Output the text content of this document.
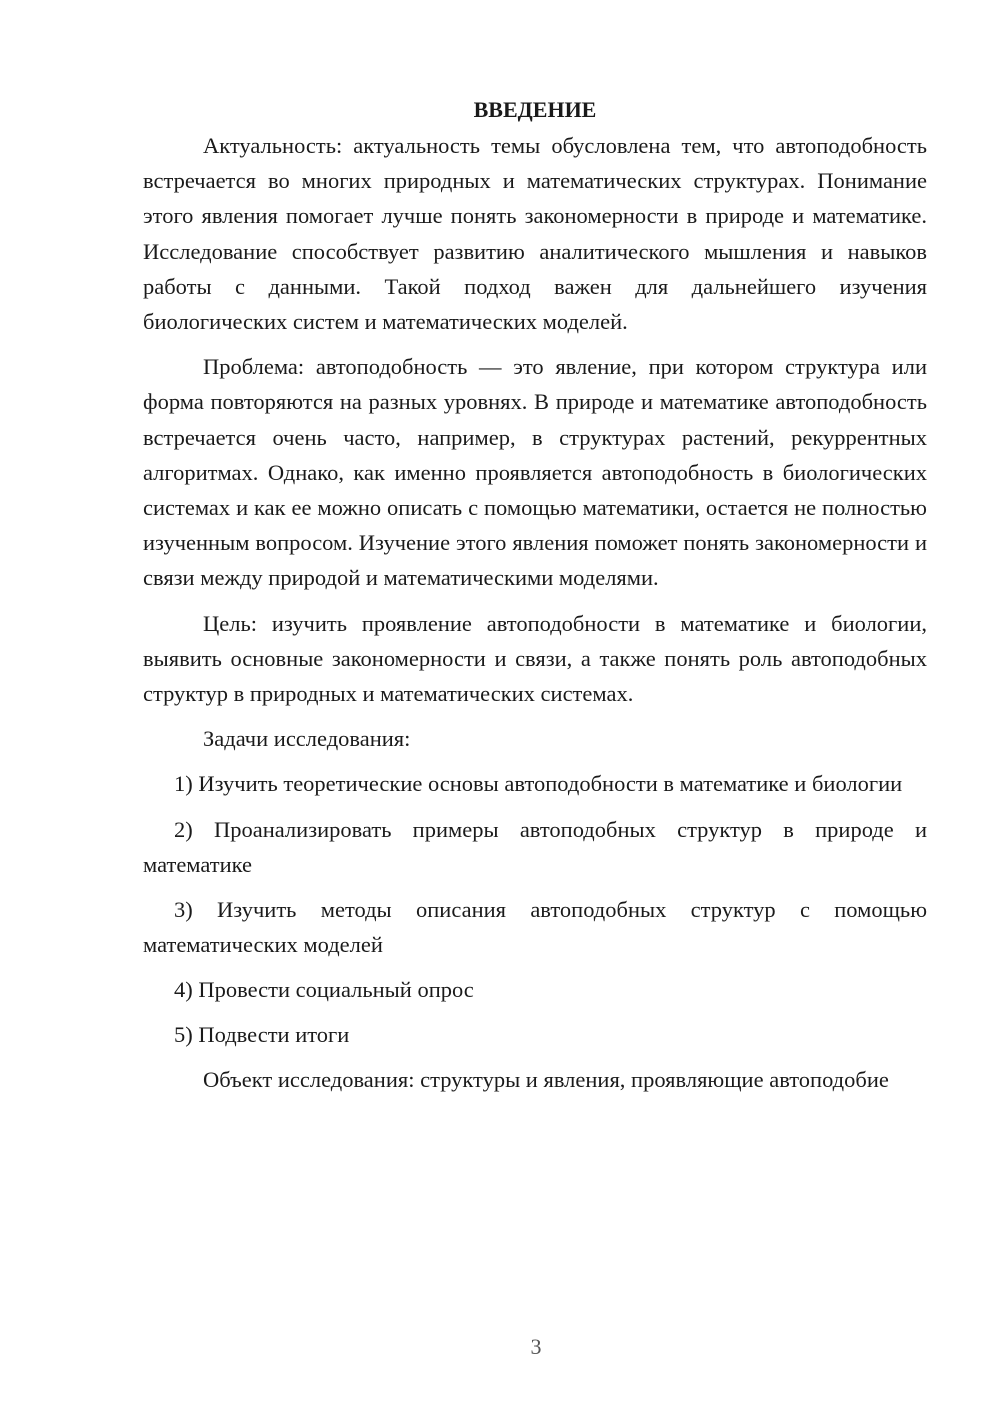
ВВЕДЕНИЕ

Актуальность: актуальность темы обусловлена тем, что автоподобность встречается во многих природных и математических структурах. Понимание этого явления помогает лучше понять закономерности в природе и математике. Исследование способствует развитию аналитического мышления и навыков работы с данными. Такой подход важен для дальнейшего изучения биологических систем и математических моделей.

Проблема: автоподобность — это явление, при котором структура или форма повторяются на разных уровнях. В природе и математике автоподобность встречается очень часто, например, в структурах растений, рекуррентных алгоритмах. Однако, как именно проявляется автоподобность в биологических системах и как ее можно описать с помощью математики, остается не полностью изученным вопросом. Изучение этого явления поможет понять закономерности и связи между природой и математическими моделями.

Цель: изучить проявление автоподобности в математике и биологии, выявить основные закономерности и связи, а также понять роль автоподобных структур в природных и математических системах.

Задачи исследования:

1) Изучить теоретические основы автоподобности в математике и биологии

2) Проанализировать примеры автоподобных структур в природе и математике

3) Изучить методы описания автоподобных структур с помощью математических моделей

4) Провести социальный опрос

5) Подвести итоги

Объект исследования: структуры и явления, проявляющие автоподобие

3
